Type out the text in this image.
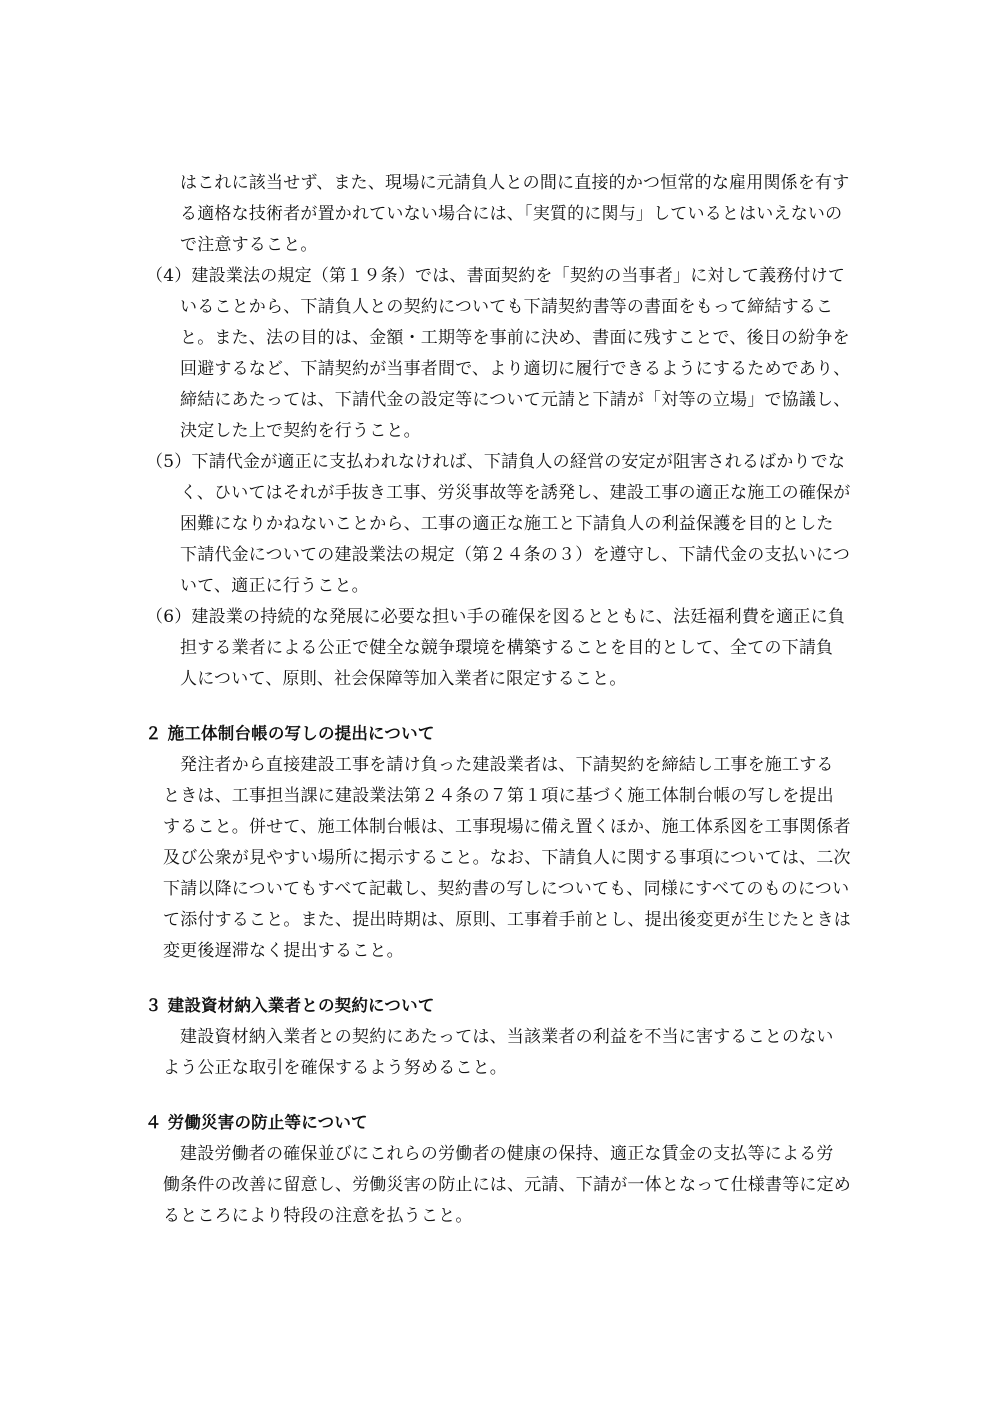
はこれに該当せず、また、現場に元請負人との間に直接的かつ恒常的な雇用関係を有す
る適格な技術者が置かれていない場合には、「実質的に関与」しているとはいえないの
で注意すること。
（4）建設業法の規定（第１９条）では、書面契約を「契約の当事者」に対して義務付けて
いることから、下請負人との契約についても下請契約書等の書面をもって締結するこ
と。また、法の目的は、金額・工期等を事前に決め、書面に残すことで、後日の紛争を
回避するなど、下請契約が当事者間で、より適切に履行できるようにするためであり、
締結にあたっては、下請代金の設定等について元請と下請が「対等の立場」で協議し、
決定した上で契約を行うこと。
（5）下請代金が適正に支払われなければ、下請負人の経営の安定が阻害されるばかりでな
く、ひいてはそれが手抜き工事、労災事故等を誘発し、建設工事の適正な施工の確保が
困難になりかねないことから、工事の適正な施工と下請負人の利益保護を目的とした
下請代金についての建設業法の規定（第２４条の３）を遵守し、下請代金の支払いにつ
いて、適正に行うこと。
（6）建設業の持続的な発展に必要な担い手の確保を図るとともに、法廷福利費を適正に負
担する業者による公正で健全な競争環境を構築することを目的として、全ての下請負
人について、原則、社会保障等加入業者に限定すること。
２ 施工体制台帳の写しの提出について
発注者から直接建設工事を請け負った建設業者は、下請契約を締結し工事を施工する
ときは、工事担当課に建設業法第２４条の７第１項に基づく施工体制台帳の写しを提出
すること。併せて、施工体制台帳は、工事現場に備え置くほか、施工体系図を工事関係者
及び公衆が見やすい場所に掲示すること。なお、下請負人に関する事項については、二次
下請以降についてもすべて記載し、契約書の写しについても、同様にすべてのものについ
て添付すること。また、提出時期は、原則、工事着手前とし、提出後変更が生じたときは
変更後遅滞なく提出すること。
３ 建設資材納入業者との契約について
建設資材納入業者との契約にあたっては、当該業者の利益を不当に害することのない
よう公正な取引を確保するよう努めること。
４ 労働災害の防止等について
建設労働者の確保並びにこれらの労働者の健康の保持、適正な賃金の支払等による労
働条件の改善に留意し、労働災害の防止には、元請、下請が一体となって仕様書等に定め
るところにより特段の注意を払うこと。
